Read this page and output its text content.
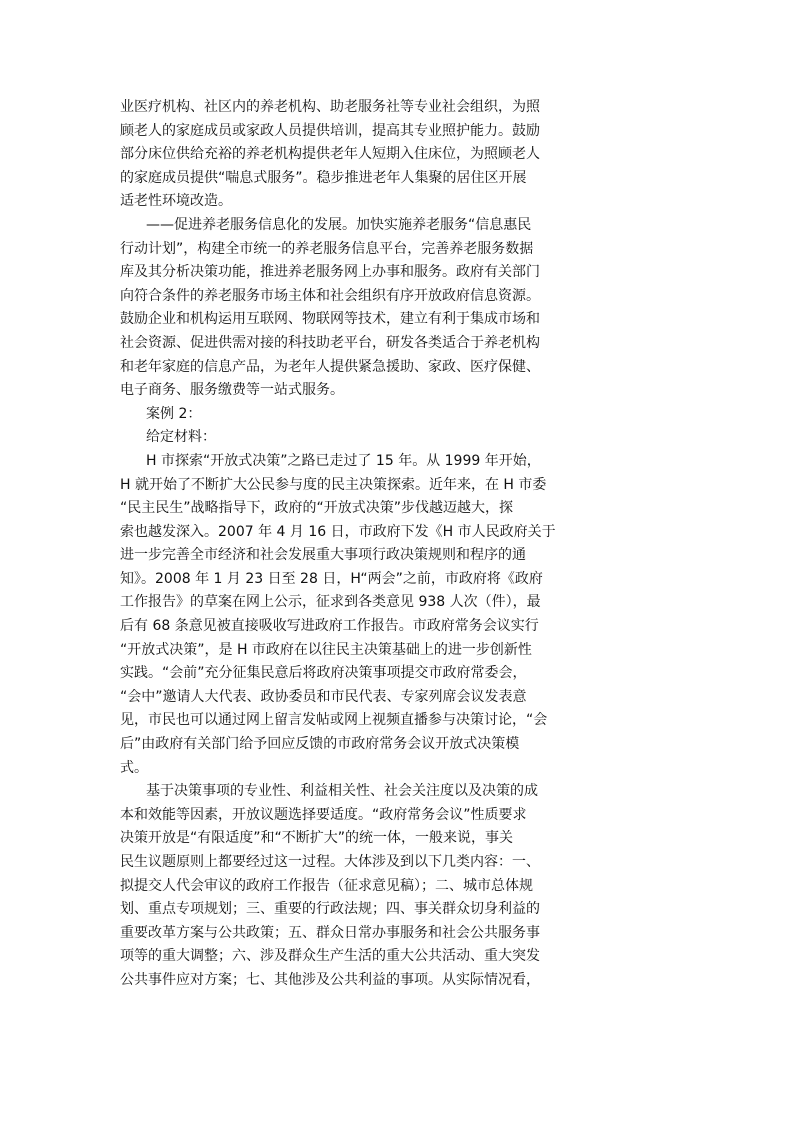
业医疗机构、社区内的养老机构、助老服务社等专业社会组织，为照
顾老人的家庭成员或家政人员提供培训，提高其专业照护能力。鼓励
部分床位供给充裕的养老机构提供老年人短期入住床位，为照顾老人
的家庭成员提供“喘息式服务”。稳步推进老年人集聚的居住区开展
适老性环境改造。
——促进养老服务信息化的发展。加快实施养老服务“信息惠民
行动计划”，构建全市统一的养老服务信息平台，完善养老服务数据
库及其分析决策功能，推进养老服务网上办事和服务。政府有关部门
向符合条件的养老服务市场主体和社会组织有序开放政府信息资源。
鼓励企业和机构运用互联网、物联网等技术，建立有利于集成市场和
社会资源、促进供需对接的科技助老平台，研发各类适合于养老机构
和老年家庭的信息产品，为老年人提供紧急援助、家政、医疗保健、
电子商务、服务缴费等一站式服务。
案例 2：
给定材料：
H 市探索“开放式决策”之路已走过了 15 年。从 1999 年开始，
H 就开始了不断扩大公民参与度的民主决策探索。近年来，在 H 市委
“民主民生”战略指导下，政府的“开放式决策”步伐越迈越大，探
索也越发深入。2007 年 4 月 16 日，市政府下发《H 市人民政府关于
进一步完善全市经济和社会发展重大事项行政决策规则和程序的通
知》。2008 年 1 月 23 日至 28 日，H“两会”之前，市政府将《政府
工作报告》的草案在网上公示，征求到各类意见 938 人次（件），最
后有 68 条意见被直接吸收写进政府工作报告。市政府常务会议实行
“开放式决策”，是 H 市政府在以往民主决策基础上的进一步创新性
实践。“会前”充分征集民意后将政府决策事项提交市政府常委会，
“会中”邀请人大代表、政协委员和市民代表、专家列席会议发表意
见，市民也可以通过网上留言发帖或网上视频直播参与决策讨论，“会
后”由政府有关部门给予回应反馈的市政府常务会议开放式决策模
式。
基于决策事项的专业性、利益相关性、社会关注度以及决策的成
本和效能等因素，开放议题选择要适度。“政府常务会议”性质要求
决策开放是“有限适度”和“不断扩大”的统一体，一般来说，事关
民生议题原则上都要经过这一过程。大体涉及到以下几类内容：一、
拟提交人代会审议的政府工作报告（征求意见稿）；二、城市总体规
划、重点专项规划；三、重要的行政法规；四、事关群众切身利益的
重要改革方案与公共政策；五、群众日常办事服务和社会公共服务事
项等的重大调整；六、涉及群众生产生活的重大公共活动、重大突发
公共事件应对方案；七、其他涉及公共利益的事项。从实际情况看，
